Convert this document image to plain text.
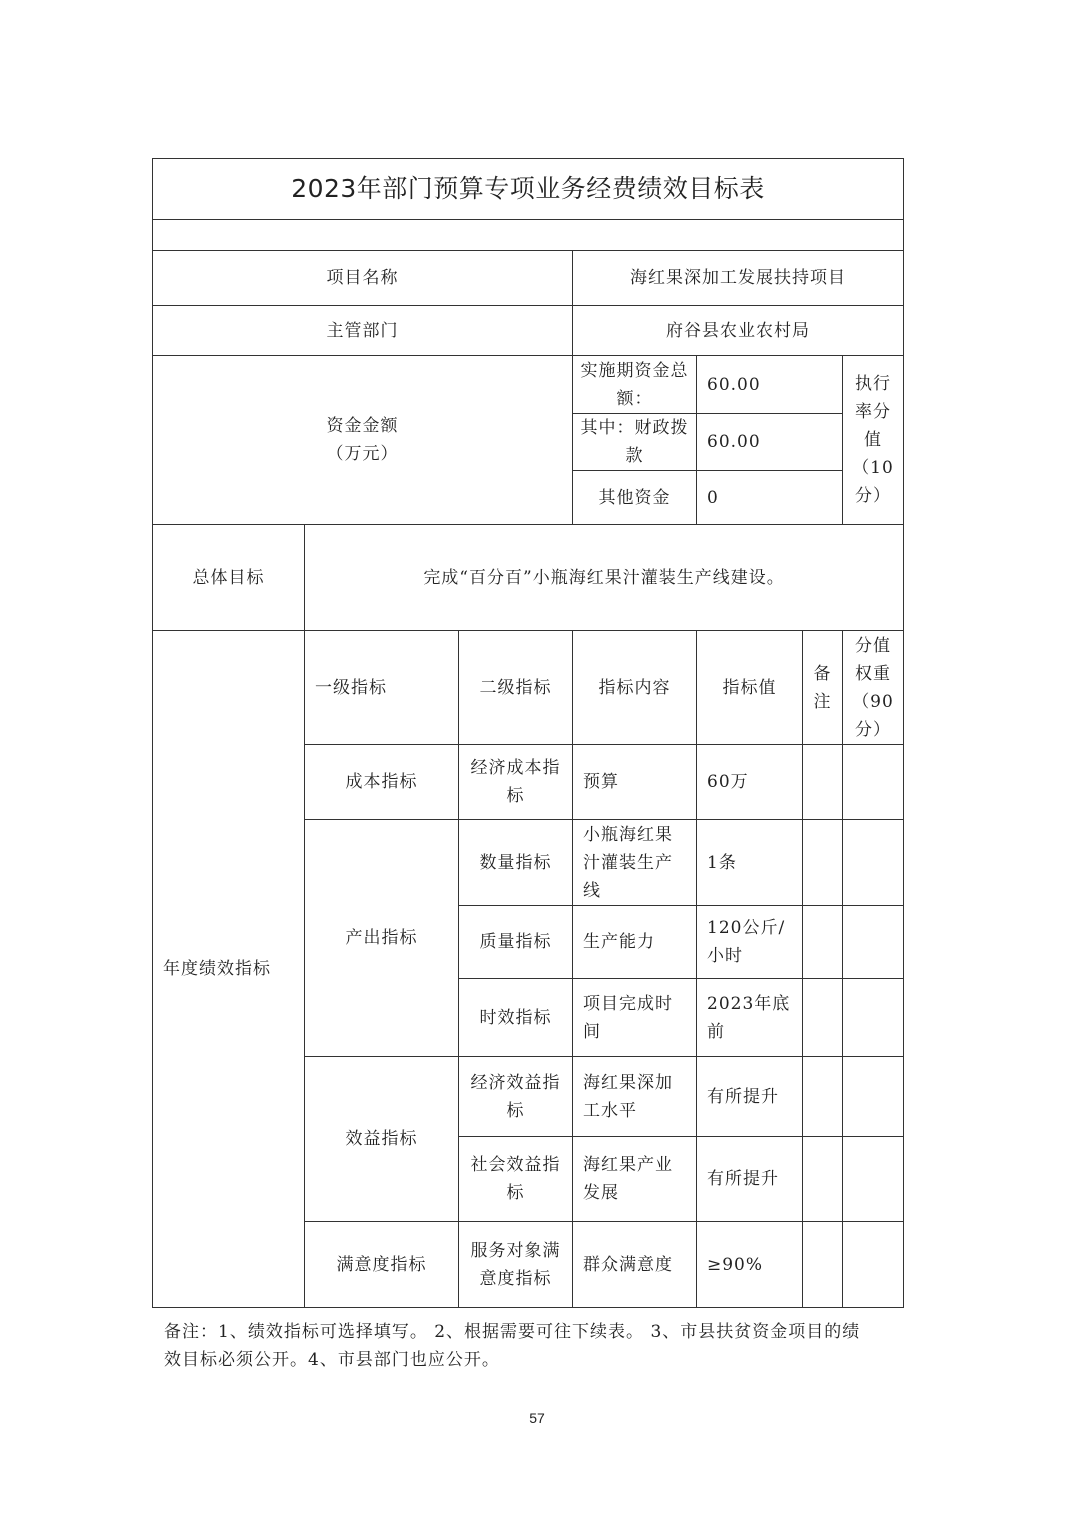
2023年部门预算专项业务经费绩效目标表						

项目名称			海红果深加工发展扶持项目			
主管部门			府谷县农业农村局			

资金金额
（万元）			实施期资金总额：	60.00		执行率分值（10分）
			其中：财政拨款	60.00		
			其他资金	0		
总体目标	完成“百分百”小瓶海红果汁灌装生产线建设。					
年度绩效指标	一级指标	二级指标	指标内容	指标值	备注	分值权重（90分）
	成本指标	经济成本指标	预算	60万		
	产出指标	数量指标	小瓶海红果汁灌装生产线	1条		
		质量指标	生产能力	120公斤/小时		
		时效指标	项目完成时间	2023年底前		
	效益指标	经济效益指标	海红果深加工水平	有所提升		
		社会效益指标	海红果产业发展	有所提升		
	满意度指标	服务对象满意度指标	群众满意度	≥90%		
备注：1、绩效指标可选择填写。 2、根据需要可往下续表。 3、市县扶贫资金项目的绩效目标必须公开。4、市县部门也应公开。
57
